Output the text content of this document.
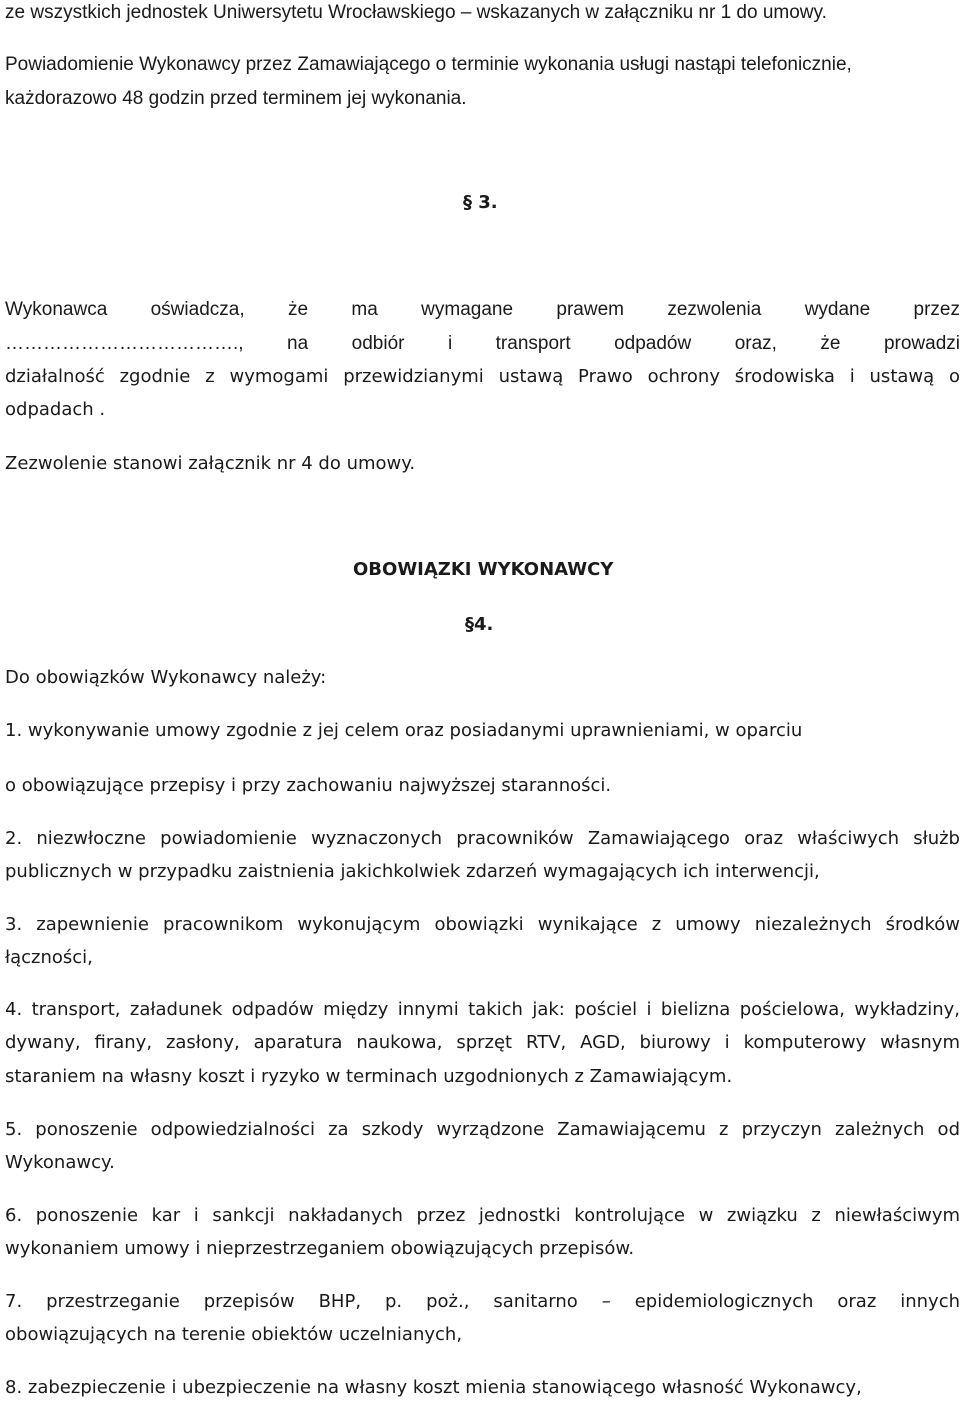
ze wszystkich jednostek Uniwersytetu Wrocławskiego – wskazanych w załączniku nr 1 do umowy.

Powiadomienie Wykonawcy przez Zamawiającego o terminie wykonania usługi nastąpi telefonicznie,

każdorazowo 48 godzin przed terminem jej wykonania.

§ 3.

Wykonawca oświadcza, że ma wymagane prawem zezwolenia wydane przez

………………………………., na odbiór i transport odpadów oraz, że prowadzi

działalność zgodnie z wymogami przewidzianymi ustawą Prawo ochrony środowiska i ustawą o

odpadach .

Zezwolenie stanowi załącznik nr 4 do umowy.

OBOWIĄZKI WYKONAWCY

§4.

Do obowiązków Wykonawcy należy:

1. wykonywanie umowy zgodnie z jej celem oraz posiadanymi uprawnieniami, w oparciu

o obowiązujące przepisy i przy zachowaniu najwyższej staranności.

2. niezwłoczne powiadomienie wyznaczonych pracowników Zamawiającego oraz właściwych służb

publicznych w przypadku zaistnienia jakichkolwiek zdarzeń wymagających ich interwencji,

3. zapewnienie pracownikom wykonującym obowiązki wynikające z umowy niezależnych środków

łączności,

4. transport, załadunek odpadów między innymi takich jak: pościel i bielizna pościelowa, wykładziny,

dywany, firany, zasłony, aparatura naukowa, sprzęt RTV, AGD, biurowy i komputerowy własnym

staraniem na własny koszt i ryzyko w terminach uzgodnionych z Zamawiającym.

5. ponoszenie odpowiedzialności za szkody wyrządzone Zamawiającemu z przyczyn zależnych od

Wykonawcy.

6. ponoszenie kar i sankcji nakładanych przez jednostki kontrolujące w związku z niewłaściwym

wykonaniem umowy i nieprzestrzeganiem obowiązujących przepisów.

7. przestrzeganie przepisów BHP, p. poż., sanitarno – epidemiologicznych oraz innych

obowiązujących na terenie obiektów uczelnianych,

8. zabezpieczenie i ubezpieczenie na własny koszt mienia stanowiącego własność Wykonawcy,
